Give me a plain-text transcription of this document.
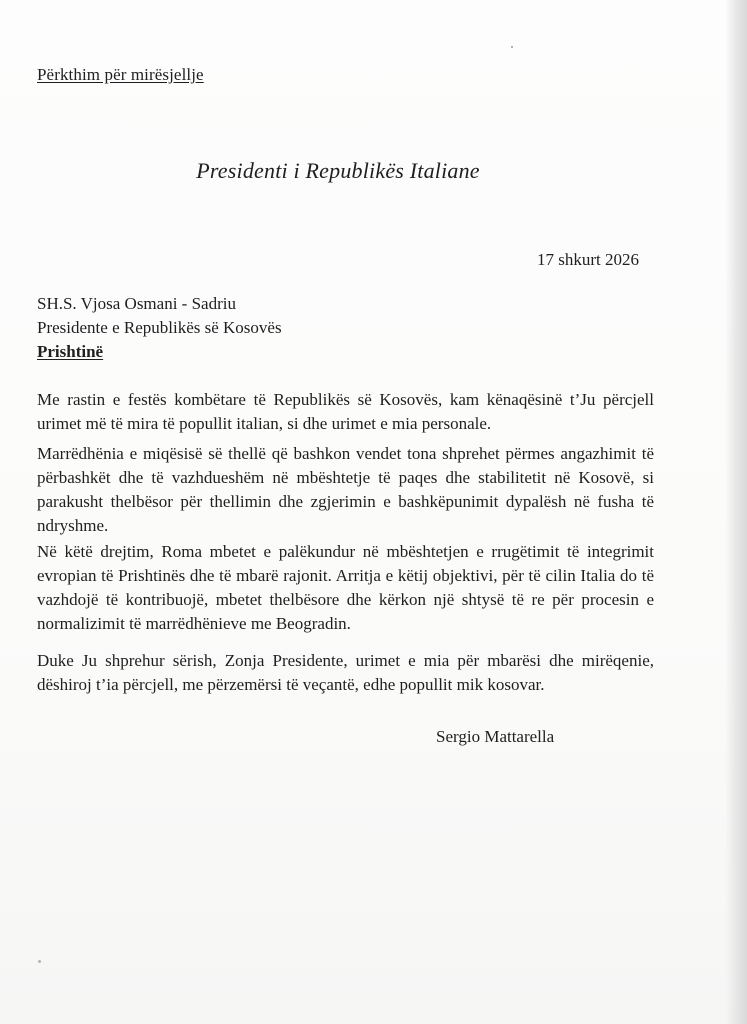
Përkthim për mirësjellje
Presidenti i Republikës Italiane
17 shkurt 2026
SH.S. Vjosa Osmani - Sadriu
Presidente e Republikës së Kosovës
Prishtinë
Me rastin e festës kombëtare të Republikës së Kosovës, kam kënaqësinë t’Ju përcjell urimet më të mira të popullit italian, si dhe urimet e mia personale.
Marrëdhënia e miqësisë së thellë që bashkon vendet tona shprehet përmes angazhimit të përbashkët dhe të vazhdueshëm në mbështetje të paqes dhe stabilitetit në Kosovë, si parakusht thelbësor për thellimin dhe zgjerimin e bashkëpunimit dypalësh në fusha të ndryshme.
Në këtë drejtim, Roma mbetet e palëkundur në mbështetjen e rrugëtimit të integrimit evropian të Prishtinës dhe të mbarë rajonit. Arritja e këtij objektivi, për të cilin Italia do të vazhdojë të kontribuojë, mbetet thelbësore dhe kërkon një shtysë të re për procesin e normalizimit të marrëdhënieve me Beogradin.
Duke Ju shprehur sërish, Zonja Presidente, urimet e mia për mbarësi dhe mirëqenie, dëshiroj t’ia përcjell, me përzemërsi të veçantë, edhe popullit mik kosovar.
Sergio Mattarella
